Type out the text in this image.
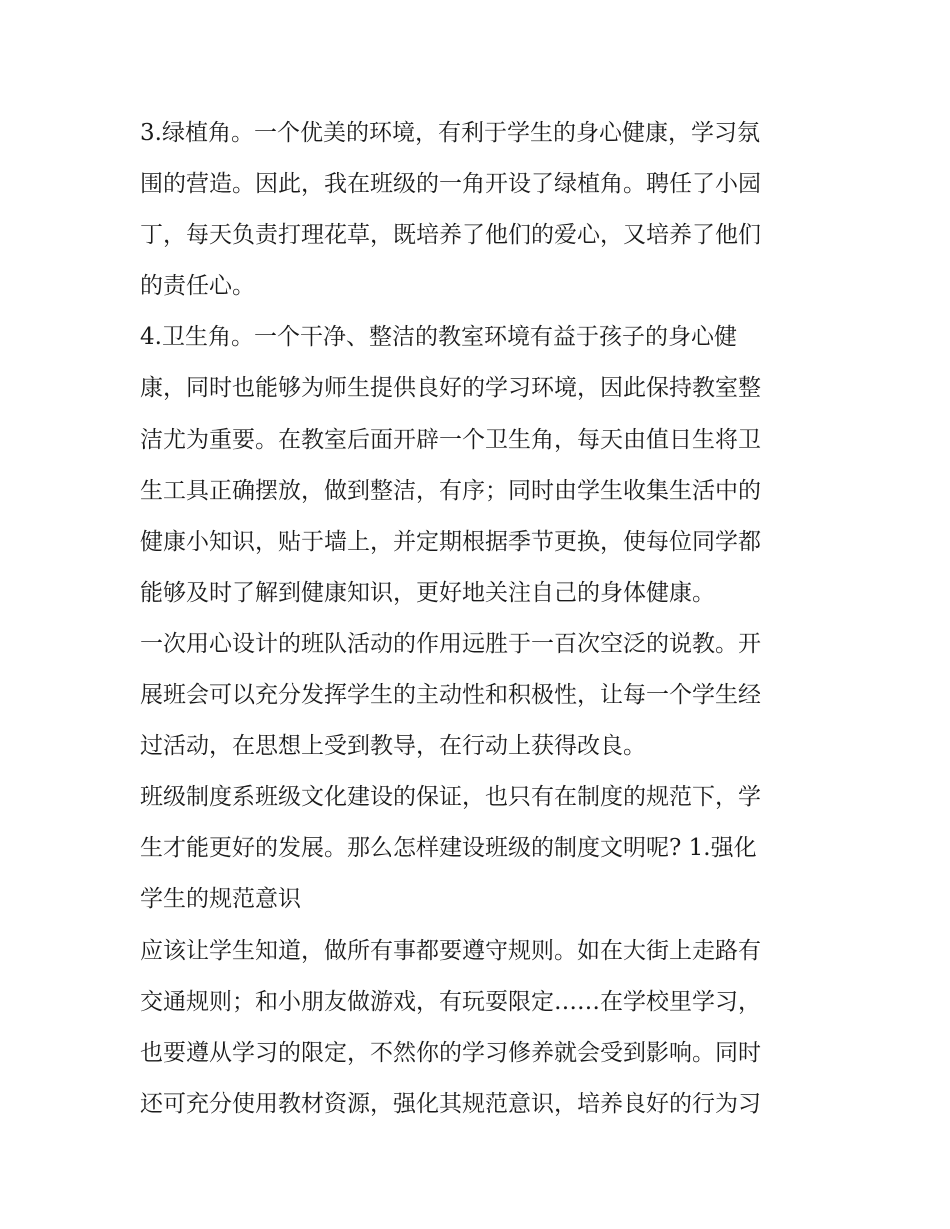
3.绿植角。一个优美的环境，有利于学生的身心健康，学习氛
围的营造。因此，我在班级的一角开设了绿植角。聘任了小园
丁，每天负责打理花草，既培养了他们的爱心，又培养了他们
的责任心。

4.卫生角。一个干净、整洁的教室环境有益于孩子的身心健
康，同时也能够为师生提供良好的学习环境，因此保持教室整
洁尤为重要。在教室后面开辟一个卫生角，每天由值日生将卫
生工具正确摆放，做到整洁，有序；同时由学生收集生活中的
健康小知识，贴于墙上，并定期根据季节更换，使每位同学都
能够及时了解到健康知识，更好地关注自己的身体健康。

一次用心设计的班队活动的作用远胜于一百次空泛的说教。开
展班会可以充分发挥学生的主动性和积极性，让每一个学生经
过活动，在思想上受到教导，在行动上获得改良。

班级制度系班级文化建设的保证，也只有在制度的规范下，学
生才能更好的发展。那么怎样建设班级的制度文明呢? 1.强化
学生的规范意识

应该让学生知道，做所有事都要遵守规则。如在大街上走路有
交通规则；和小朋友做游戏，有玩耍限定……在学校里学习，
也要遵从学习的限定，不然你的学习修养就会受到影响。同时
还可充分使用教材资源，强化其规范意识，培养良好的行为习
